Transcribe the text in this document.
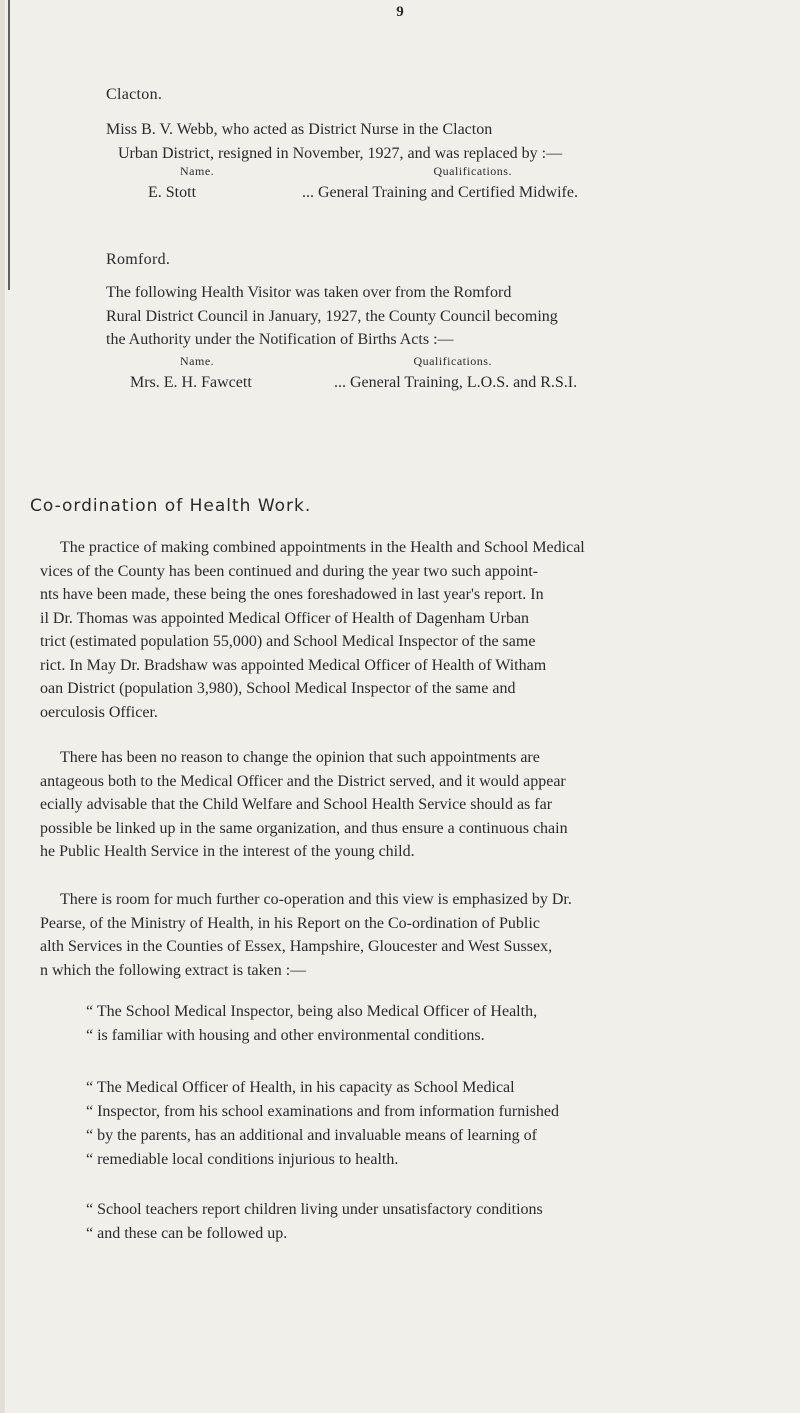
9
Clacton.

Miss B. V. Webb, who acted as District Nurse in the Clacton

Urban District, resigned in November, 1927, and was replaced by :—

Name.	Qualifications.
E. Stott	... General Training and Certified Midwife.
Romford.

The following Health Visitor was taken over from the Romford

Rural District Council in January, 1927, the County Council becoming

the Authority under the Notification of Births Acts :—

Name.	Qualifications.
Mrs. E. H. Fawcett	... General Training, L.O.S. and R.S.I.
Co-ordination of Health Work.

The practice of making combined appointments in the Health and School Medical

vices of the County has been continued and during the year two such appoint-

nts have been made, these being the ones foreshadowed in last year's report. In

il Dr. Thomas was appointed Medical Officer of Health of Dagenham Urban

trict (estimated population 55,000) and School Medical Inspector of the same

rict. In May Dr. Bradshaw was appointed Medical Officer of Health of Witham

oan District (population 3,980), School Medical Inspector of the same and

oerculosis Officer.

There has been no reason to change the opinion that such appointments are

antageous both to the Medical Officer and the District served, and it would appear

ecially advisable that the Child Welfare and School Health Service should as far

possible be linked up in the same organization, and thus ensure a continuous chain

he Public Health Service in the interest of the young child.

There is room for much further co-operation and this view is emphasized by Dr.

Pearse, of the Ministry of Health, in his Report on the Co-ordination of Public

alth Services in the Counties of Essex, Hampshire, Gloucester and West Sussex,

n which the following extract is taken :—

“ The School Medical Inspector, being also Medical Officer of Health,

“ is familiar with housing and other environmental conditions.

“ The Medical Officer of Health, in his capacity as School Medical

“ Inspector, from his school examinations and from information furnished

“ by the parents, has an additional and invaluable means of learning of

“ remediable local conditions injurious to health.

“ School teachers report children living under unsatisfactory conditions

“ and these can be followed up.
